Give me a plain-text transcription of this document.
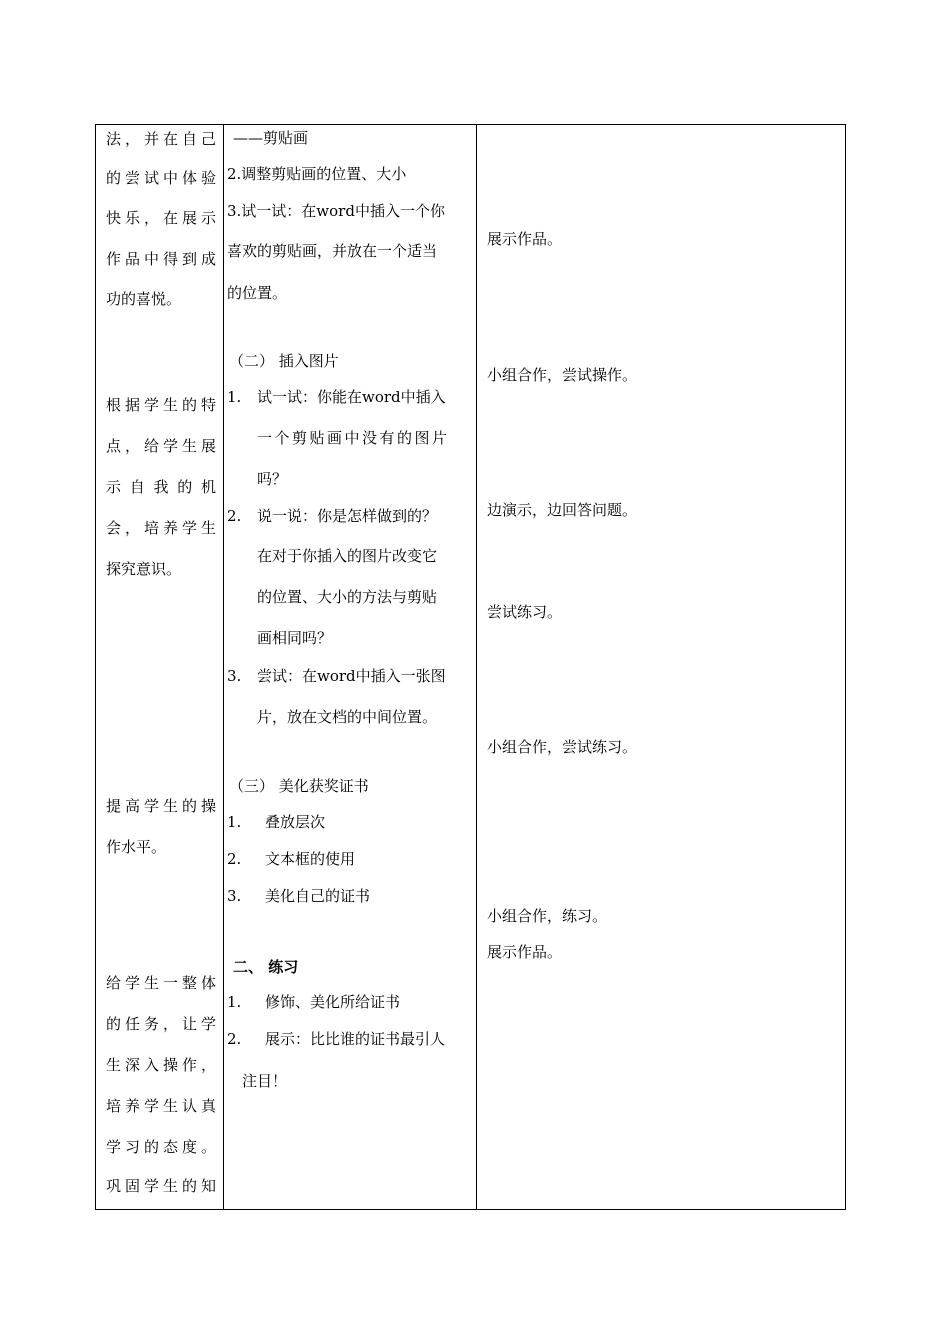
法，并在自己
的尝试中体验
快乐，在展示
作品中得到成
功的喜悦。
根据学生的特
点，给学生展
示 自 我 的 机
会，培养学生
探究意识。
提高学生的操
作水平。
给学生一整体
的任务，让学
生深入操作，
培养学生认真
学习的态度。
巩固学生的知
——剪贴画
2.调整剪贴画的位置、大小
3.试一试：在word中插入一个你
喜欢的剪贴画，并放在一个适当
的位置。
（二） 插入图片
1. 试一试：你能在word中插入
一个剪贴画中没有的图片
吗？
2. 说一说：你是怎样做到的？
在对于你插入的图片改变它
的位置、大小的方法与剪贴
画相同吗？
3. 尝试：在word中插入一张图
片，放在文档的中间位置。
（三） 美化获奖证书
1. 叠放层次
2. 文本框的使用
3. 美化自己的证书
二、 练习
1. 修饰、美化所给证书
2. 展示：比比谁的证书最引人
注目！
展示作品。
小组合作，尝试操作。
边演示，边回答问题。
尝试练习。
小组合作，尝试练习。
小组合作，练习。
展示作品。
